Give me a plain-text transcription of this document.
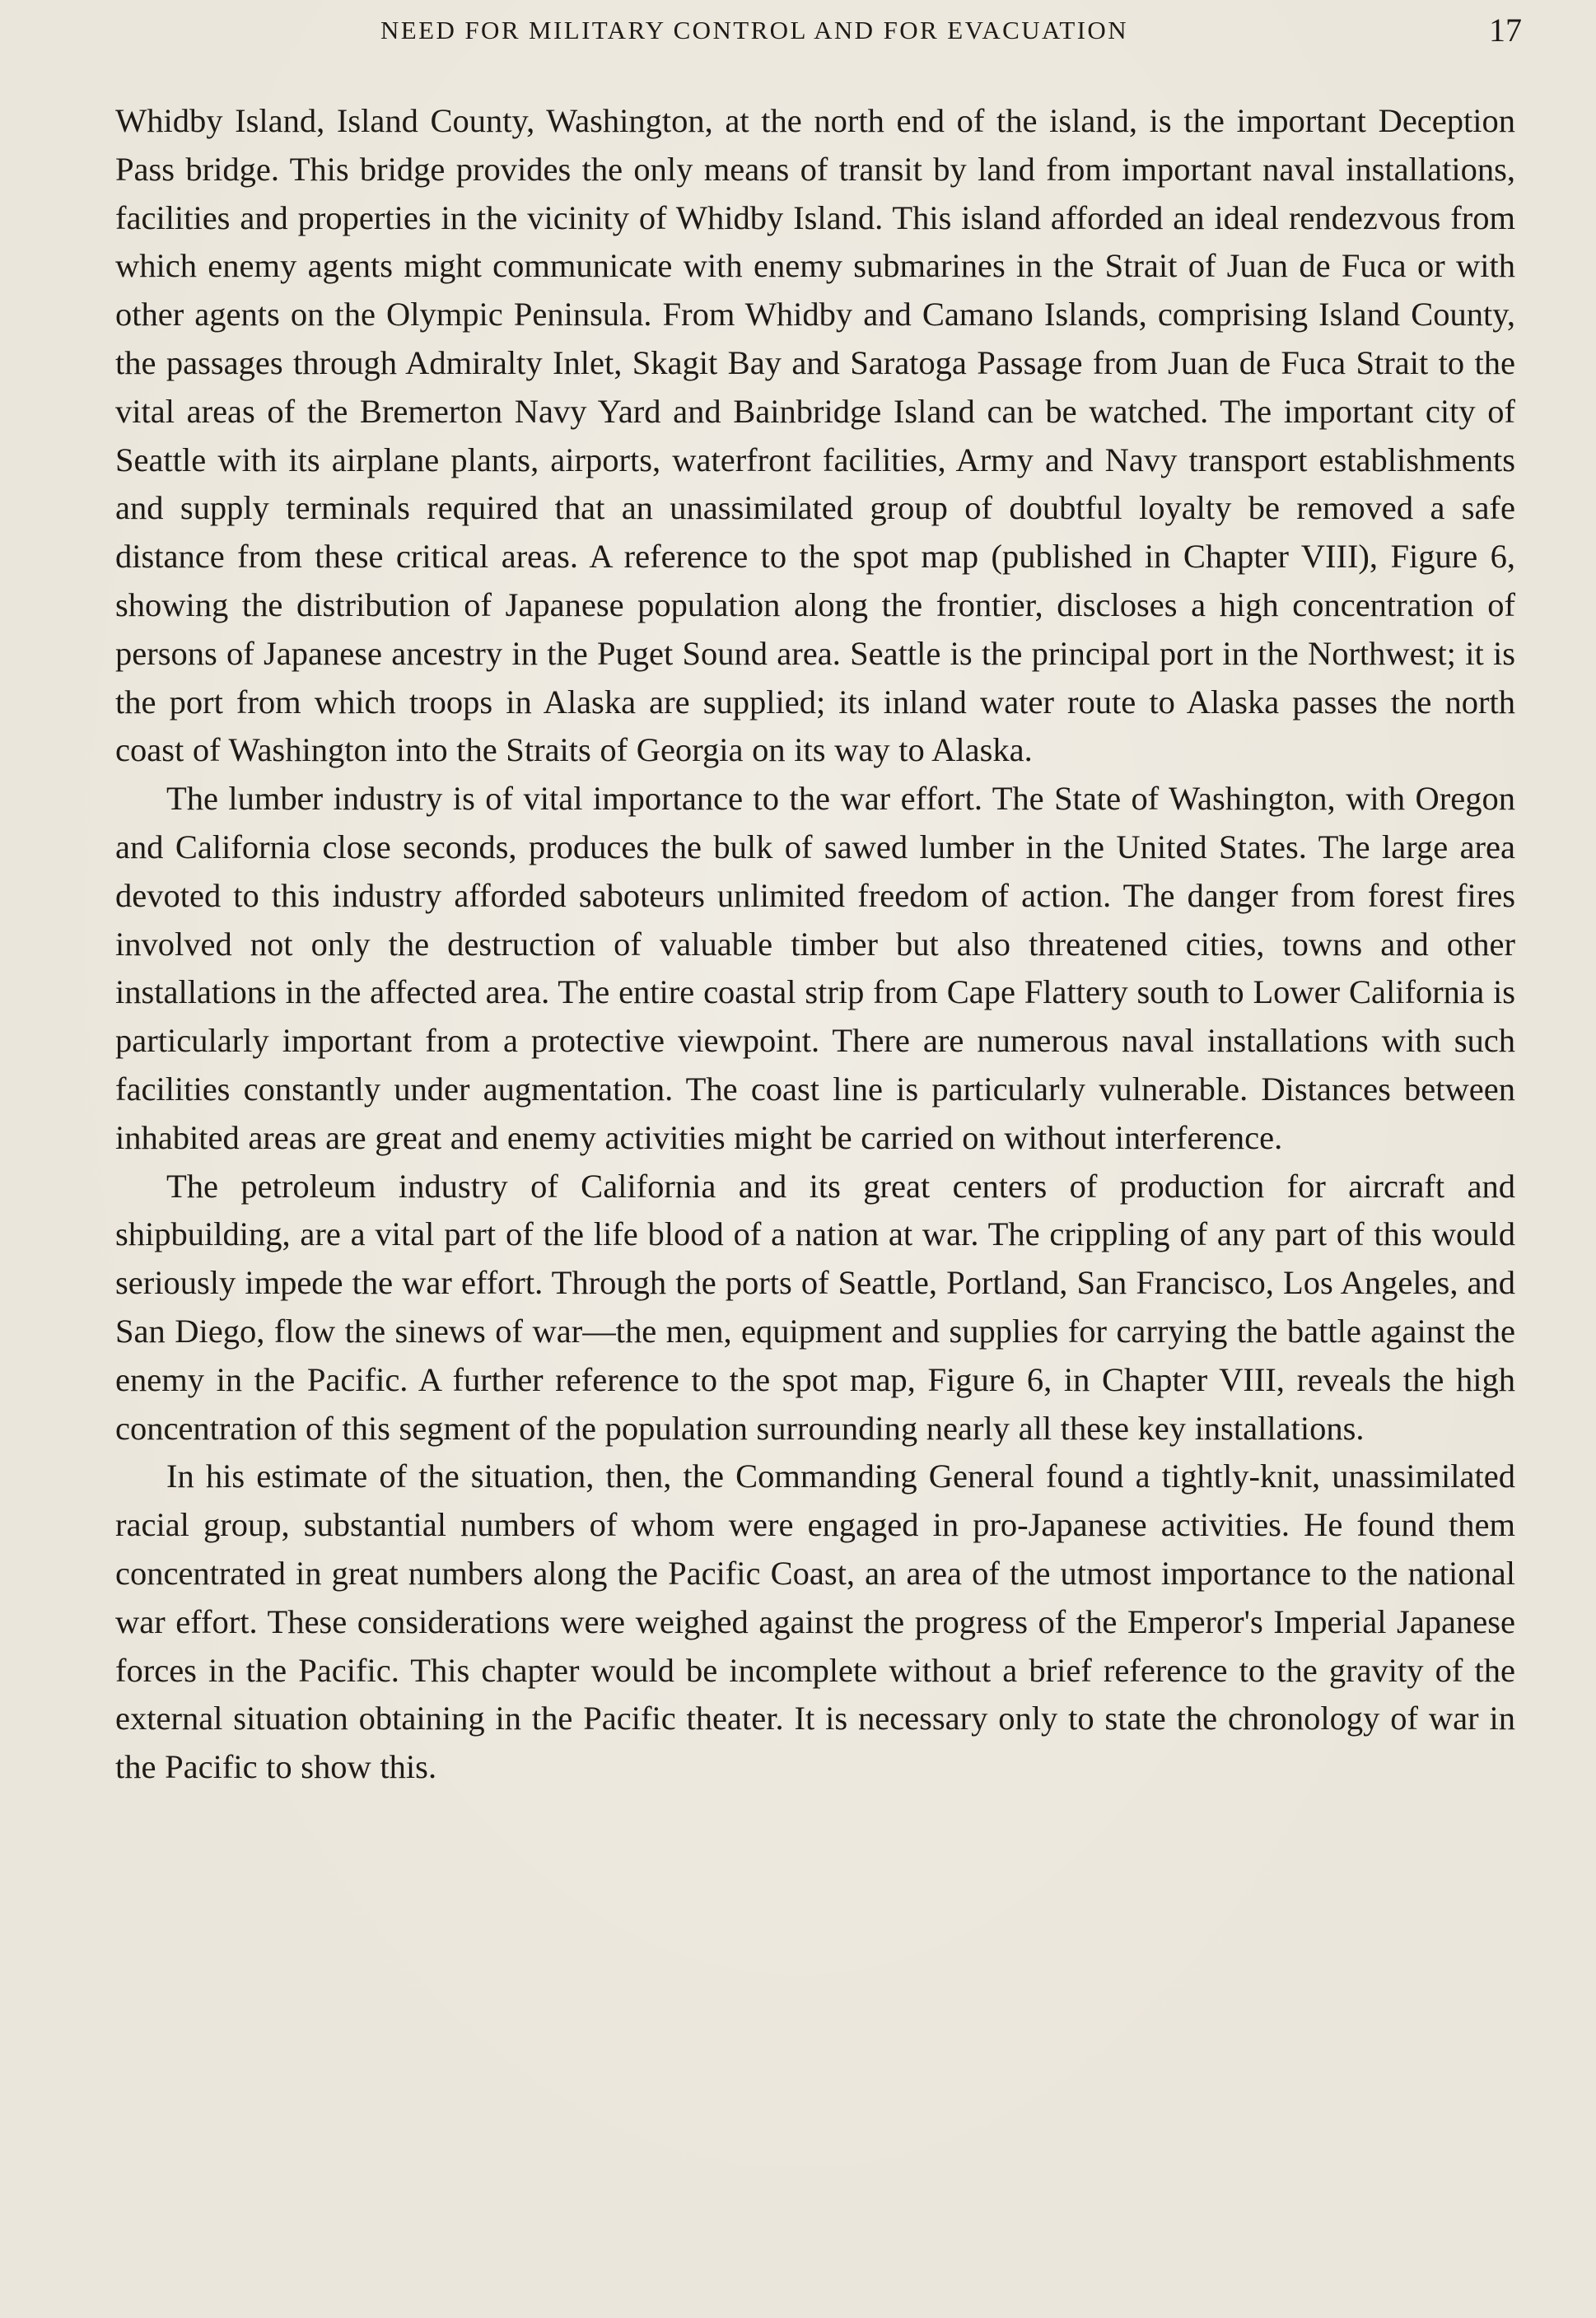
NEED FOR MILITARY CONTROL AND FOR EVACUATION	17

Whidby Island, Island County, Washington, at the north end of the island, is the important Deception Pass bridge. This bridge provides the only means of transit by land from important naval installations, facilities and properties in the vicinity of Whidby Island. This island afforded an ideal rendezvous from which enemy agents might communicate with enemy submarines in the Strait of Juan de Fuca or with other agents on the Olympic Peninsula. From Whidby and Camano Islands, comprising Island County, the passages through Admiralty Inlet, Skagit Bay and Saratoga Passage from Juan de Fuca Strait to the vital areas of the Bremerton Navy Yard and Bainbridge Island can be watched. The important city of Seattle with its airplane plants, airports, waterfront facilities, Army and Navy transport establishments and supply terminals required that an unassimilated group of doubtful loyalty be removed a safe distance from these critical areas. A reference to the spot map (published in Chapter VIII), Figure 6, showing the distribution of Japanese population along the frontier, discloses a high concentration of persons of Japanese ancestry in the Puget Sound area. Seattle is the principal port in the Northwest; it is the port from which troops in Alaska are supplied; its inland water route to Alaska passes the north coast of Washington into the Straits of Georgia on its way to Alaska.

The lumber industry is of vital importance to the war effort. The State of Washington, with Oregon and California close seconds, produces the bulk of sawed lumber in the United States. The large area devoted to this industry afforded saboteurs unlimited freedom of action. The danger from forest fires involved not only the destruction of valuable timber but also threatened cities, towns and other installations in the affected area. The entire coastal strip from Cape Flattery south to Lower California is particularly important from a protective viewpoint. There are numerous naval installations with such facilities constantly under augmentation. The coast line is particularly vulnerable. Distances between inhabited areas are great and enemy activities might be carried on without interference.

The petroleum industry of California and its great centers of production for aircraft and shipbuilding, are a vital part of the life blood of a nation at war. The crippling of any part of this would seriously impede the war effort. Through the ports of Seattle, Portland, San Francisco, Los Angeles, and San Diego, flow the sinews of war—the men, equipment and supplies for carrying the battle against the enemy in the Pacific. A further reference to the spot map, Figure 6, in Chapter VIII, reveals the high concentration of this segment of the population surrounding nearly all these key installations.

In his estimate of the situation, then, the Commanding General found a tightly-knit, unassimilated racial group, substantial numbers of whom were engaged in pro-Japanese activities. He found them concentrated in great numbers along the Pacific Coast, an area of the utmost importance to the national war effort. These considerations were weighed against the progress of the Emperor's Imperial Japanese forces in the Pacific. This chapter would be incomplete without a brief reference to the gravity of the external situation obtaining in the Pacific theater. It is necessary only to state the chronology of war in the Pacific to show this.
